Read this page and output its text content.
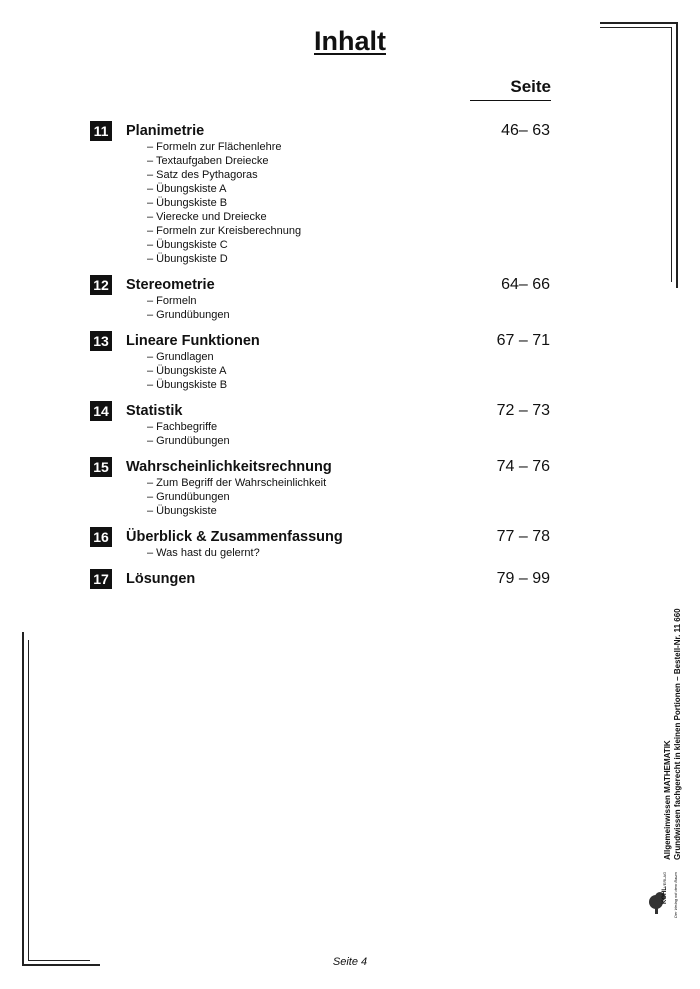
Inhalt
Seite
11 Planimetrie	46– 63
– Formeln zur Flächenlehre
– Textaufgaben Dreiecke
– Satz des Pythagoras
– Übungskiste A
– Übungskiste B
– Vierecke und Dreiecke
– Formeln zur Kreisberechnung
– Übungskiste C
– Übungskiste D
12 Stereometrie	64– 66
– Formeln
– Grundübungen
13 Lineare Funktionen	67 – 71
– Grundlagen
– Übungskiste A
– Übungskiste B
14 Statistik	72 – 73
– Fachbegriffe
– Grundübungen
15 Wahrscheinlichkeitsrechnung	74 – 76
– Zum Begriff der Wahrscheinlichkeit
– Grundübungen
– Übungskiste
16 Überblick & Zusammenfassung	77 – 78
– Was hast du gelernt?
17 Lösungen	79 – 99
Seite 4
Allgemeinwissen MATHEMATIK Grundwissen fachgerecht in kleinen Portionen – Bestell-Nr. 11 660
KOHL
VERLAG Der Verlag mit dem Baum
